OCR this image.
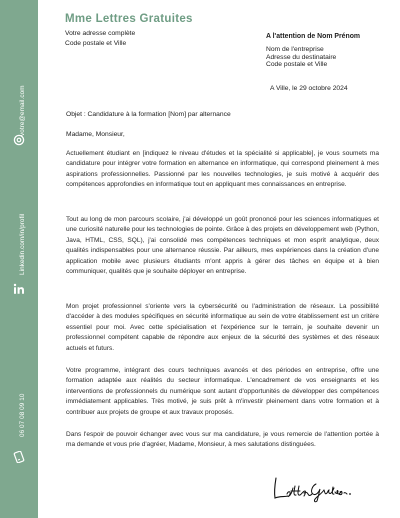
votre@email.com
Linkedin.com/in/profil
06 07 08 09 10
Mme Lettres Gratuites
Votre adresse complète
Code postale et Ville
A l'attention de Nom Prénom
Nom de l'entreprise
Adresse du destinataire
Code postale et Ville
A Ville, le 29 octobre 2024
Objet : Candidature à la formation [Nom] par alternance
Madame, Monsieur,

Actuellement étudiant en [indiquez le niveau d'études et la spécialité si applicable], je vous soumets ma candidature pour intégrer votre formation en alternance en informatique, qui correspond pleinement à mes aspirations professionnelles. Passionné par les nouvelles technologies, je suis motivé à acquérir des compétences approfondies en informatique tout en appliquant mes connaissances en entreprise.

Tout au long de mon parcours scolaire, j'ai développé un goût prononcé pour les sciences informatiques et une curiosité naturelle pour les technologies de pointe. Grâce à des projets en développement web (Python, Java, HTML, CSS, SQL), j'ai consolidé mes compétences techniques et mon esprit analytique, deux qualités indispensables pour une alternance réussie. Par ailleurs, mes expériences dans la création d'une application mobile avec plusieurs étudiants m'ont appris à gérer des tâches en équipe et à bien communiquer, qualités que je souhaite déployer en entreprise.

Mon projet professionnel s'oriente vers la cybersécurité ou l'administration de réseaux. La possibilité d'accéder à des modules spécifiques en sécurité informatique au sein de votre établissement est un critère essentiel pour moi. Avec cette spécialisation et l'expérience sur le terrain, je souhaite devenir un professionnel compétent capable de répondre aux enjeux de la sécurité des systèmes et des réseaux actuels et futurs.

Votre programme, intégrant des cours techniques avancés et des périodes en entreprise, offre une formation adaptée aux réalités du secteur informatique. L'encadrement de vos enseignants et les interventions de professionnels du numérique sont autant d'opportunités de développer des compétences immédiatement applicables. Très motivé, je suis prêt à m'investir pleinement dans votre formation et à contribuer aux projets de groupe et aux travaux proposés.

Dans l'espoir de pouvoir échanger avec vous sur ma candidature, je vous remercie de l'attention portée à ma demande et vous prie d'agréer, Madame, Monsieur, à mes salutations distinguées.
